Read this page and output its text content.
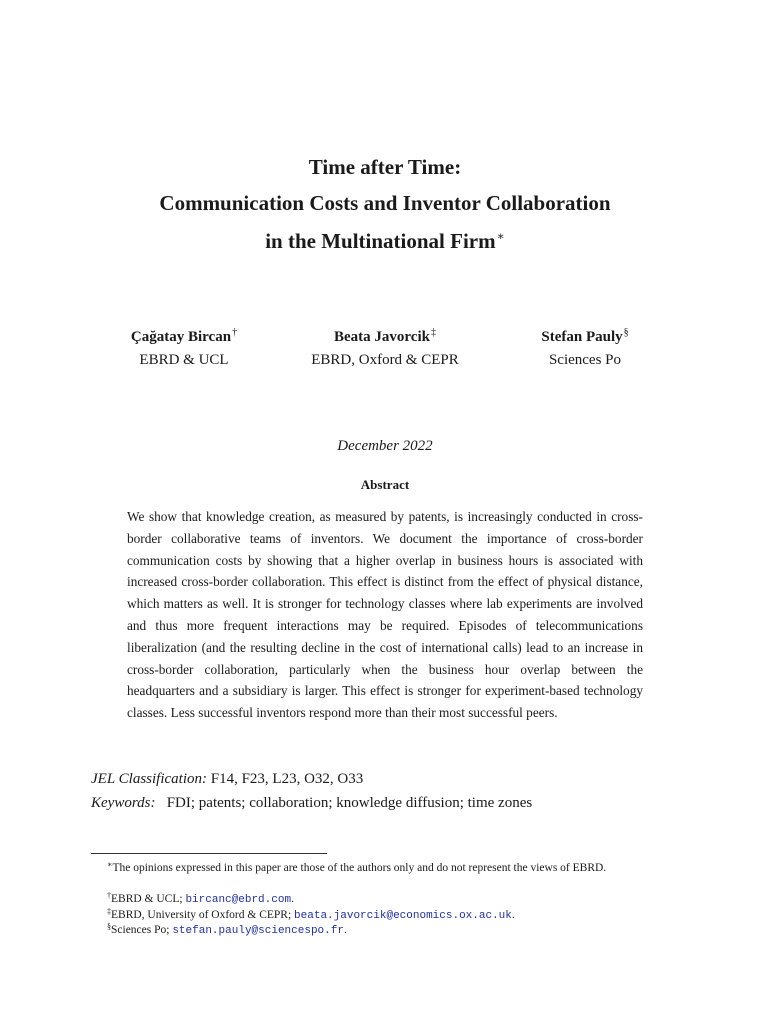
Time after Time:
Communication Costs and Inventor Collaboration
in the Multinational Firm∗
Çağatay Bircan†
EBRD & UCL
Beata Javorcik‡
EBRD, Oxford & CEPR
Stefan Pauly§
Sciences Po
December 2022
Abstract
We show that knowledge creation, as measured by patents, is increasingly conducted in cross-border collaborative teams of inventors. We document the importance of cross-border communication costs by showing that a higher overlap in business hours is associated with increased cross-border collaboration. This effect is distinct from the effect of physical distance, which matters as well. It is stronger for technology classes where lab experiments are involved and thus more frequent interactions may be required. Episodes of telecommunications liberalization (and the resulting decline in the cost of international calls) lead to an increase in cross-border collaboration, particularly when the business hour overlap between the headquarters and a subsidiary is larger. This effect is stronger for experiment-based technology classes. Less successful inventors respond more than their most successful peers.
JEL Classification: F14, F23, L23, O32, O33
Keywords: FDI; patents; collaboration; knowledge diffusion; time zones
∗The opinions expressed in this paper are those of the authors only and do not represent the views of EBRD.
†EBRD & UCL; bircanc@ebrd.com.
‡EBRD, University of Oxford & CEPR; beata.javorcik@economics.ox.ac.uk.
§Sciences Po; stefan.pauly@sciencespo.fr.
